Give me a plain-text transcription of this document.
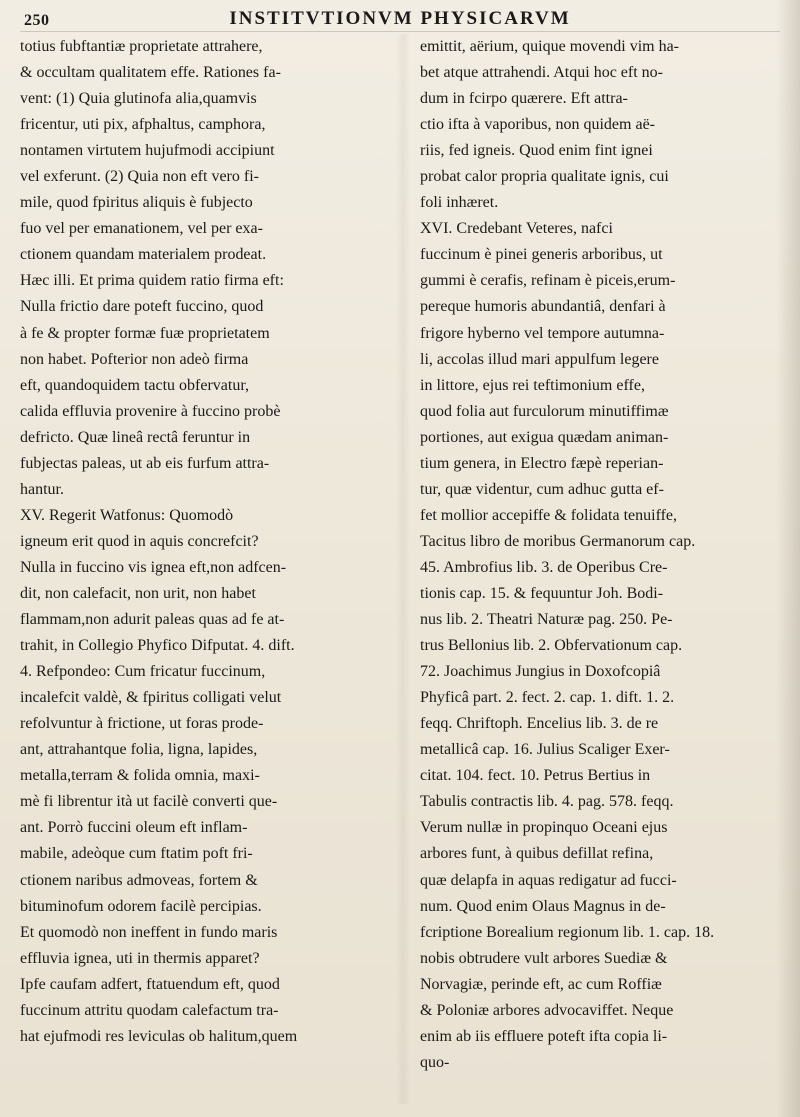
250	INSTITVTIONVM PHYSICARVM
totius fubftantiæ proprietate attrahere,
& occultam qualitatem effe. Rationes fa-
vent: (1) Quia glutinofa alia,quamvis
fricentur, uti pix, afphaltus, camphora,
nontamen virtutem hujufmodi accipiunt
vel exferunt. (2) Quia non eft vero fi-
mile, quod fpiritus aliquis è fubjecto
fuo vel per emanationem, vel per exa-
ctionem quandam materialem prodeat.
Hæc illi. Et prima quidem ratio firma eft:
Nulla frictio dare poteft fuccino, quod
à fe & propter formæ fuæ proprietatem
non habet. Pofterior non adeò firma
eft, quandoquidem tactu obfervatur,
calida effluvia provenire à fuccino probè
defricto. Quæ lineâ rectâ feruntur in
fubjectas paleas, ut ab eis furfum attra-
hantur.
XV. Regerit Watfonus: Quomodò
igneum erit quod in aquis concrefcit?
Nulla in fuccino vis ignea eft,non adfcen-
dit, non calefacit, non urit, non habet
flammam,non adurit paleas quas ad fe at-
trahit, in Collegio Phyfico Difputat. 4. dift.
4. Refpondeo: Cum fricatur fuccinum,
incalefcit valdè, & fpiritus colligati velut
refolvuntur à frictione, ut foras prode-
ant, attrahantque folia, ligna, lapides,
metalla,terram & folida omnia, maxi-
mè fi librentur ità ut facilè converti que-
ant. Porrò fuccini oleum eft inflam-
mabile, adeòque cum ftatim poft fri-
ctionem naribus admoveas, fortem &
bituminofum odorem facilè percipias.
Et quomodò non ineffent in fundo maris
effluvia ignea, uti in thermis apparet?
Ipfe caufam adfert, ftatuendum eft, quod
fuccinum attritu quodam calefactum tra-
hat ejufmodi res leviculas ob halitum,quem
emittit, aërium, quique movendi vim ha-
bet atque attrahendi. Atqui hoc eft no-
dum in fcirpo quærere. Eft attra-
ctio ifta à vaporibus, non quidem aë-
riis, fed igneis. Quod enim fint ignei
probat calor propria qualitate ignis, cui
foli inhæret.
XVI. Credebant Veteres, nafci
fuccinum è pinei generis arboribus, ut
gummi è cerafis, refinam è piceis,erum-
pereque humoris abundantiâ, denfari à
frigore hyberno vel tempore autumna-
li, accolas illud mari appulfum legere
in littore, ejus rei teftimonium effe,
quod folia aut furculorum minutiffimæ
portiones, aut exigua quædam animan-
tium genera, in Electro fæpè reperian-
tur, quæ videntur, cum adhuc gutta ef-
fet mollior accepiffe & folidata tenuiffe,
Tacitus libro de moribus Germanorum cap.
45. Ambrofius lib. 3. de Operibus Cre-
tionis cap. 15. & fequuntur Joh. Bodi-
nus lib. 2. Theatri Naturæ pag. 250. Pe-
trus Bellonius lib. 2. Obfervationum cap.
72. Joachimus Jungius in Doxofcopiâ
Phyficâ part. 2. fect. 2. cap. 1. dift. 1. 2.
feqq. Chriftoph. Encelius lib. 3. de re
metallicâ cap. 16. Julius Scaliger Exer-
citat. 104. fect. 10. Petrus Bertius in
Tabulis contractis lib. 4. pag. 578. feqq.
Verum nullæ in propinquo Oceani ejus
arbores funt, à quibus defillat refina,
quæ delapfa in aquas redigatur ad fucci-
num. Quod enim Olaus Magnus in de-
fcriptione Borealium regionum lib. 1. cap. 18.
nobis obtrudere vult arbores Suediæ &
Norvagiæ, perinde eft, ac cum Roffiæ
& Poloniæ arbores advocaviffet. Neque
enim ab iis effluere poteft ifta copia li-
quo-
